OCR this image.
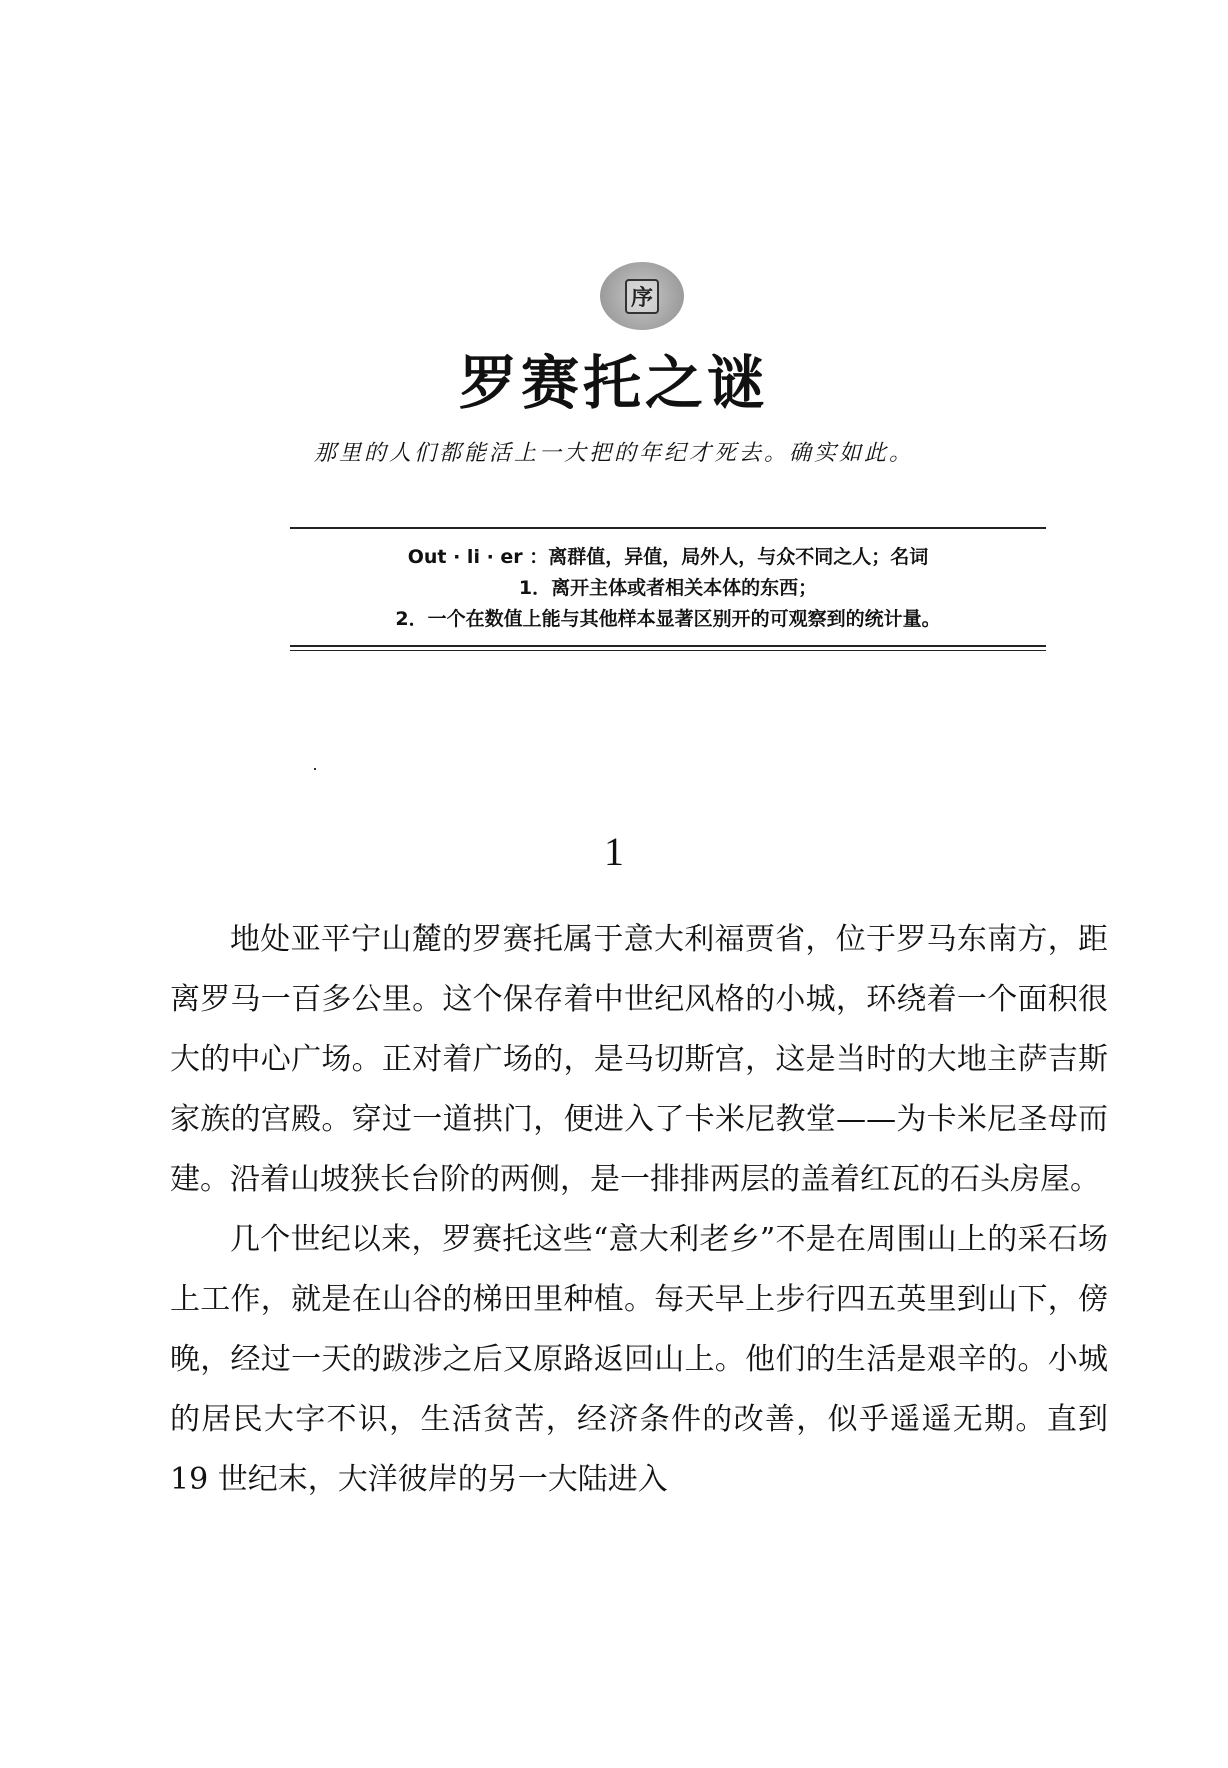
序
罗赛托之谜
那里的人们都能活上一大把的年纪才死去。确实如此。
Out · li · er ：离群值，异值，局外人，与众不同之人；名词
1．离开主体或者相关本体的东西；
2．一个在数值上能与其他样本显著区别开的可观察到的统计量。
1

地处亚平宁山麓的罗赛托属于意大利福贾省，位于罗马东南方，距离罗马一百多公里。这个保存着中世纪风格的小城，环绕着一个面积很大的中心广场。正对着广场的，是马切斯宫，这是当时的大地主萨吉斯家族的宫殿。穿过一道拱门，便进入了卡米尼教堂——为卡米尼圣母而建。沿着山坡狭长台阶的两侧，是一排排两层的盖着红瓦的石头房屋。

几个世纪以来，罗赛托这些“意大利老乡”不是在周围山上的采石场上工作，就是在山谷的梯田里种植。每天早上步行四五英里到山下，傍晚，经过一天的跋涉之后又原路返回山上。他们的生活是艰辛的。小城的居民大字不识，生活贫苦，经济条件的改善，似乎遥遥无期。直到 19 世纪末，大洋彼岸的另一大陆进入
